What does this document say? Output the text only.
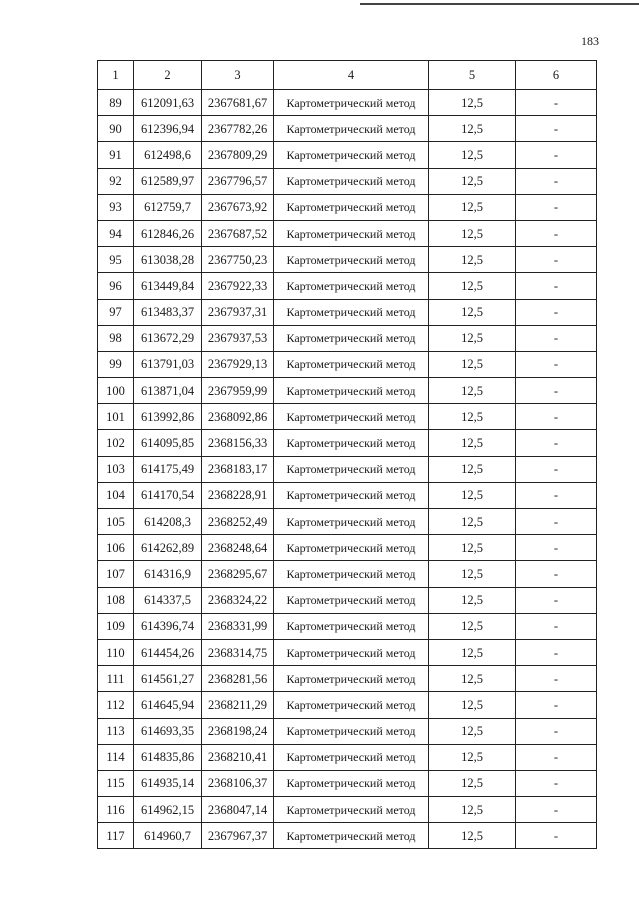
183
1	2	3	4	5	6
89	612091,63	2367681,67	Картометрический метод	12,5	-
90	612396,94	2367782,26	Картометрический метод	12,5	-
91	612498,6	2367809,29	Картометрический метод	12,5	-
92	612589,97	2367796,57	Картометрический метод	12,5	-
93	612759,7	2367673,92	Картометрический метод	12,5	-
94	612846,26	2367687,52	Картометрический метод	12,5	-
95	613038,28	2367750,23	Картометрический метод	12,5	-
96	613449,84	2367922,33	Картометрический метод	12,5	-
97	613483,37	2367937,31	Картометрический метод	12,5	-
98	613672,29	2367937,53	Картометрический метод	12,5	-
99	613791,03	2367929,13	Картометрический метод	12,5	-
100	613871,04	2367959,99	Картометрический метод	12,5	-
101	613992,86	2368092,86	Картометрический метод	12,5	-
102	614095,85	2368156,33	Картометрический метод	12,5	-
103	614175,49	2368183,17	Картометрический метод	12,5	-
104	614170,54	2368228,91	Картометрический метод	12,5	-
105	614208,3	2368252,49	Картометрический метод	12,5	-
106	614262,89	2368248,64	Картометрический метод	12,5	-
107	614316,9	2368295,67	Картометрический метод	12,5	-
108	614337,5	2368324,22	Картометрический метод	12,5	-
109	614396,74	2368331,99	Картометрический метод	12,5	-
110	614454,26	2368314,75	Картометрический метод	12,5	-
111	614561,27	2368281,56	Картометрический метод	12,5	-
112	614645,94	2368211,29	Картометрический метод	12,5	-
113	614693,35	2368198,24	Картометрический метод	12,5	-
114	614835,86	2368210,41	Картометрический метод	12,5	-
115	614935,14	2368106,37	Картометрический метод	12,5	-
116	614962,15	2368047,14	Картометрический метод	12,5	-
117	614960,7	2367967,37	Картометрический метод	12,5	-
